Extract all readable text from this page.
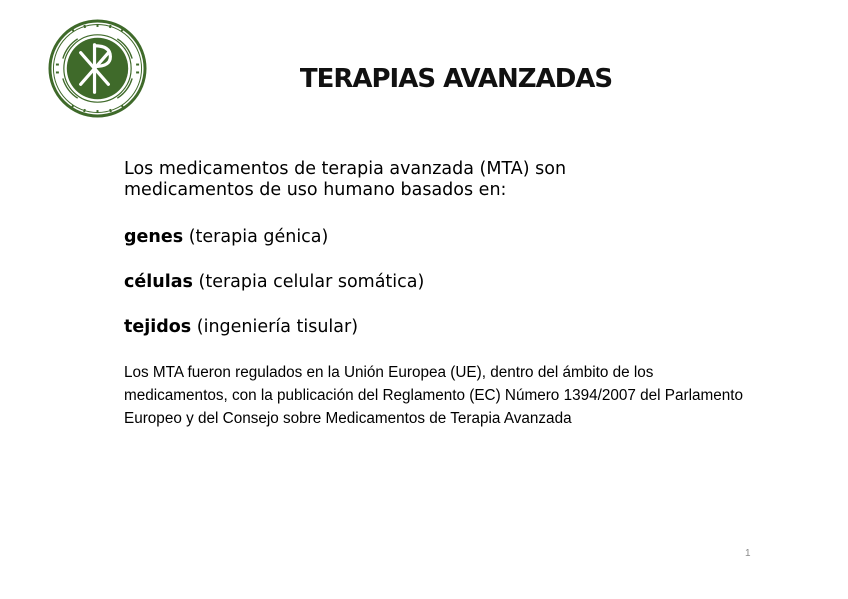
TERAPIAS AVANZADAS

Los medicamentos de terapia avanzada (MTA) son medicamentos de uso humano basados en:

genes (terapia génica)

células (terapia celular somática)

tejidos (ingeniería tisular)

Los MTA fueron regulados en la Unión Europea (UE), dentro del ámbito de los medicamentos, con la publicación del Reglamento (EC) Número 1394/2007 del Parlamento Europeo y del Consejo sobre Medicamentos de Terapia Avanzada

1
